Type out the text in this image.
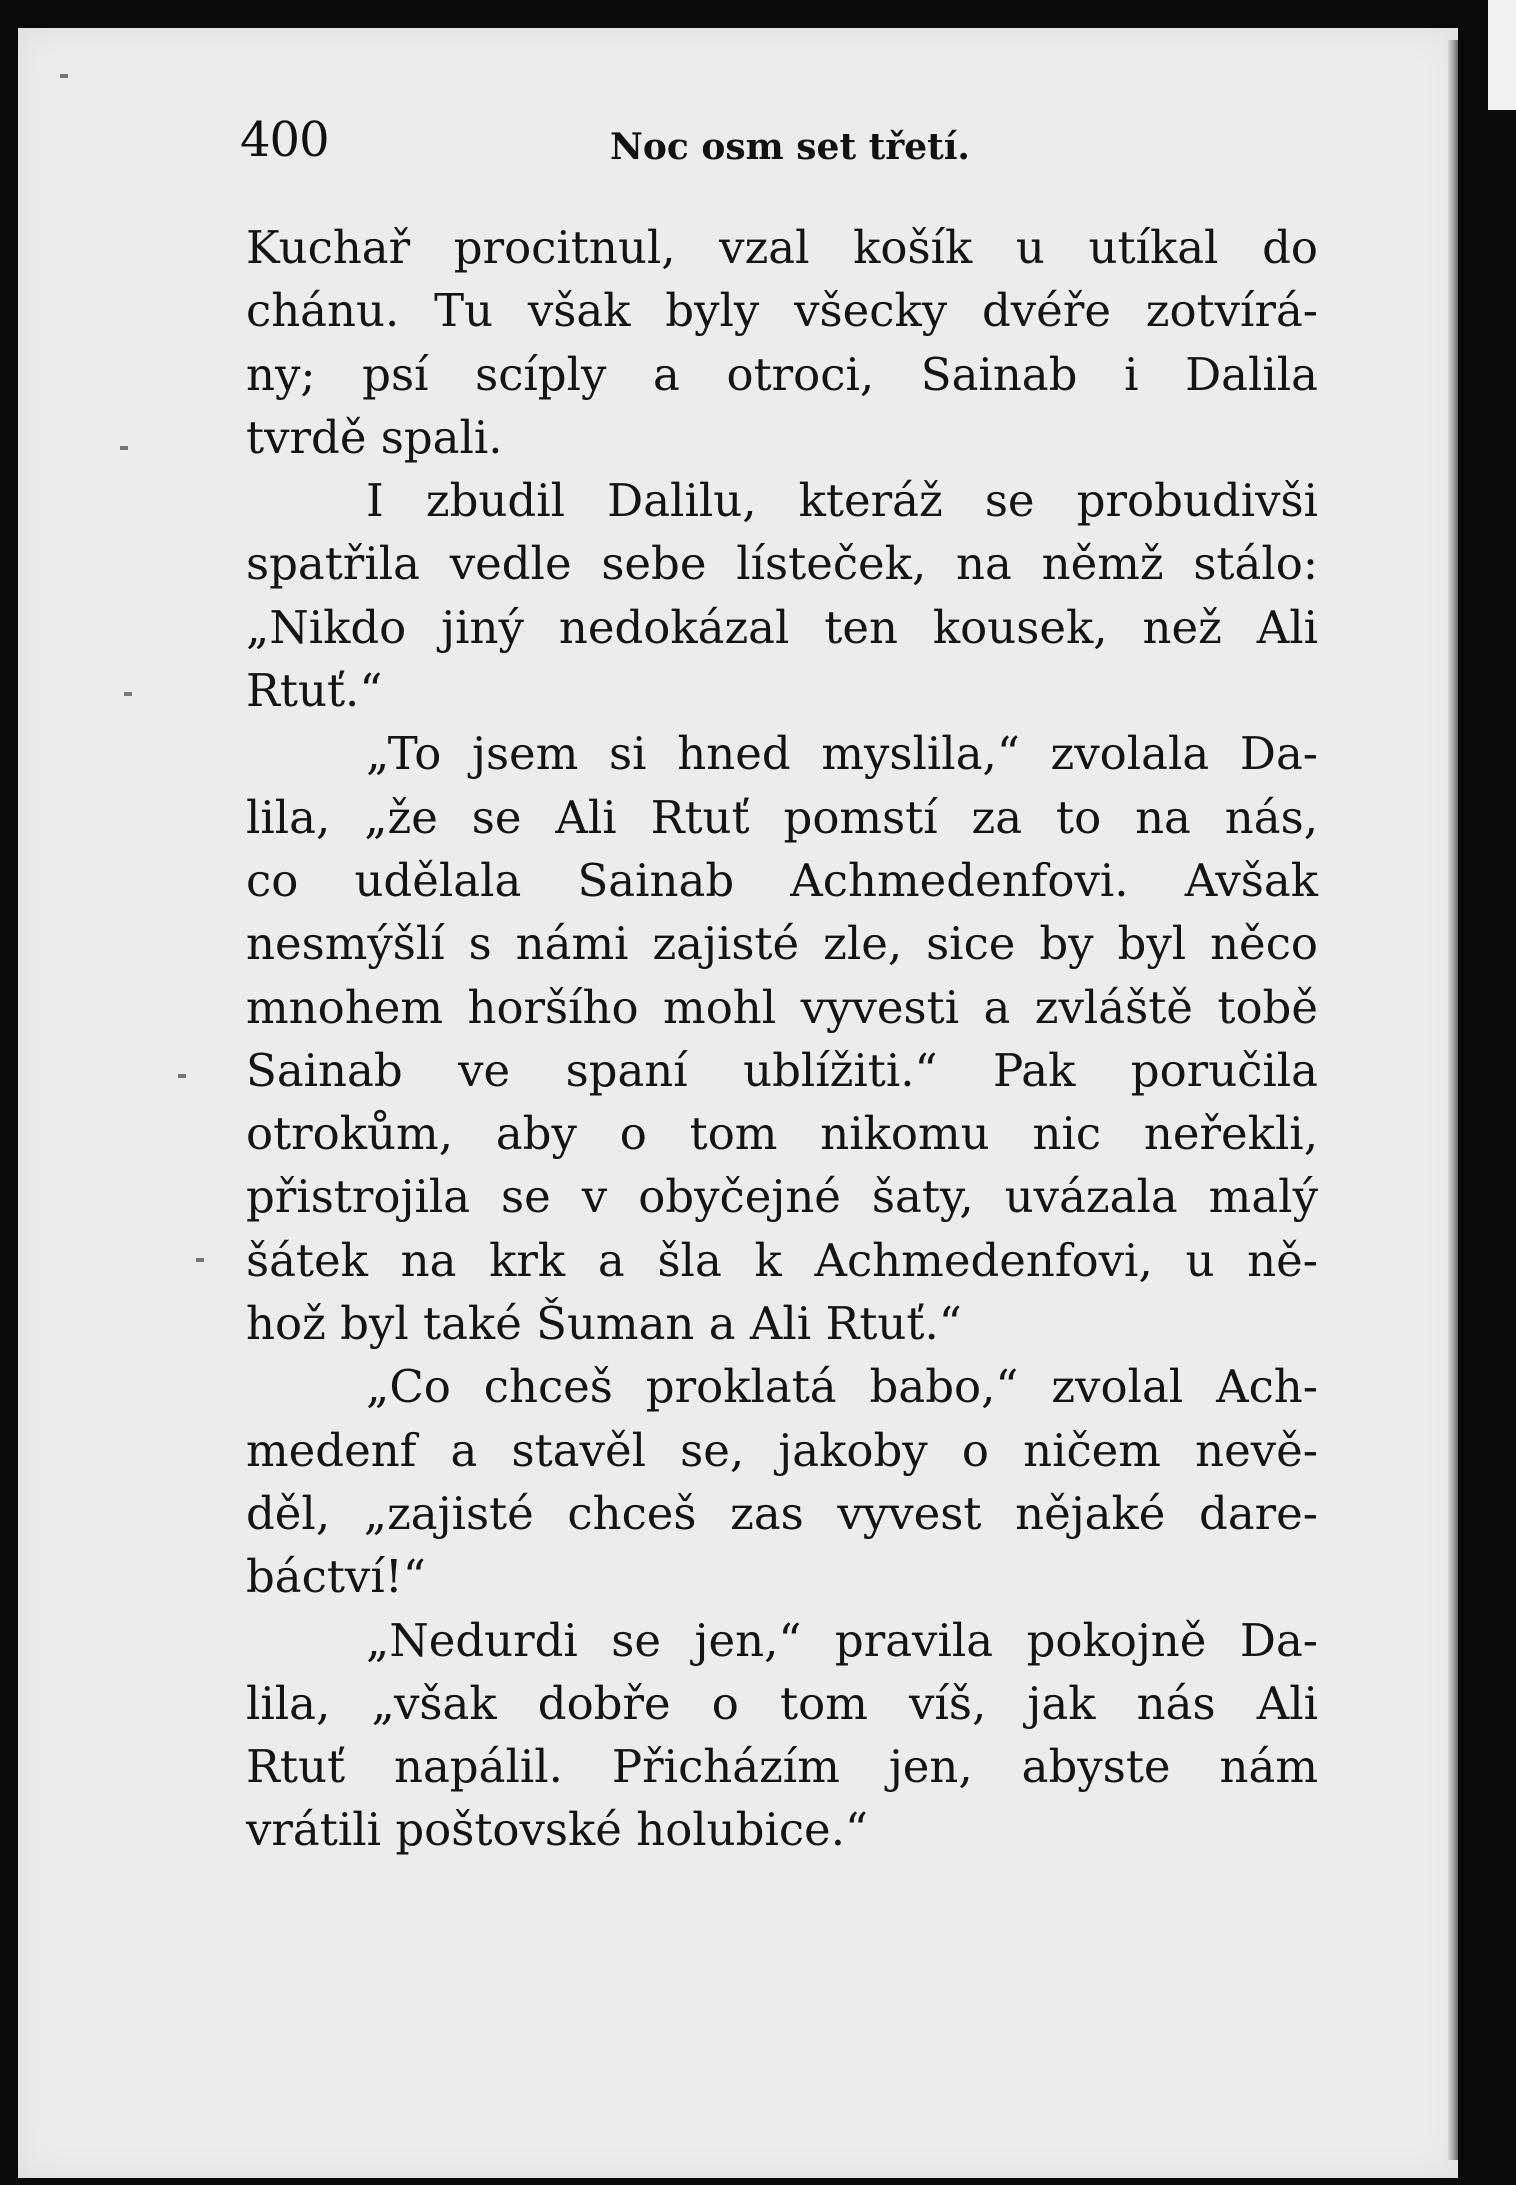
400	Noc osm set třetí.
Kuchař procitnul, vzal košík u utíkal do
chánu. Tu však byly všecky dvéře zotvírá-
ny; psí scíply a otroci, Sainab i Dalila
tvrdě spali.
I zbudil Dalilu, kteráž se probudivši
spatřila vedle sebe lísteček, na němž stálo:
„Nikdo jiný nedokázal ten kousek, než Ali
Rtuť.“
„To jsem si hned myslila,“ zvolala Da-
lila, „že se Ali Rtuť pomstí za to na nás,
co udělala Sainab Achmedenfovi. Avšak
nesmýšlí s námi zajisté zle, sice by byl něco
mnohem horšího mohl vyvesti a zvláště tobě
Sainab ve spaní ublížiti.“ Pak poručila
otrokům, aby o tom nikomu nic neřekli,
přistrojila se v obyčejné šaty, uvázala malý
šátek na krk a šla k Achmedenfovi, u ně-
hož byl také Šuman a Ali Rtuť.“
„Co chceš proklatá babo,“ zvolal Ach-
medenf a stavěl se, jakoby o ničem nevě-
děl, „zajisté chceš zas vyvest nějaké dare-
báctví!“
„Nedurdi se jen,“ pravila pokojně Da-
lila, „však dobře o tom víš, jak nás Ali
Rtuť napálil. Přicházím jen, abyste nám
vrátili poštovské holubice.“
